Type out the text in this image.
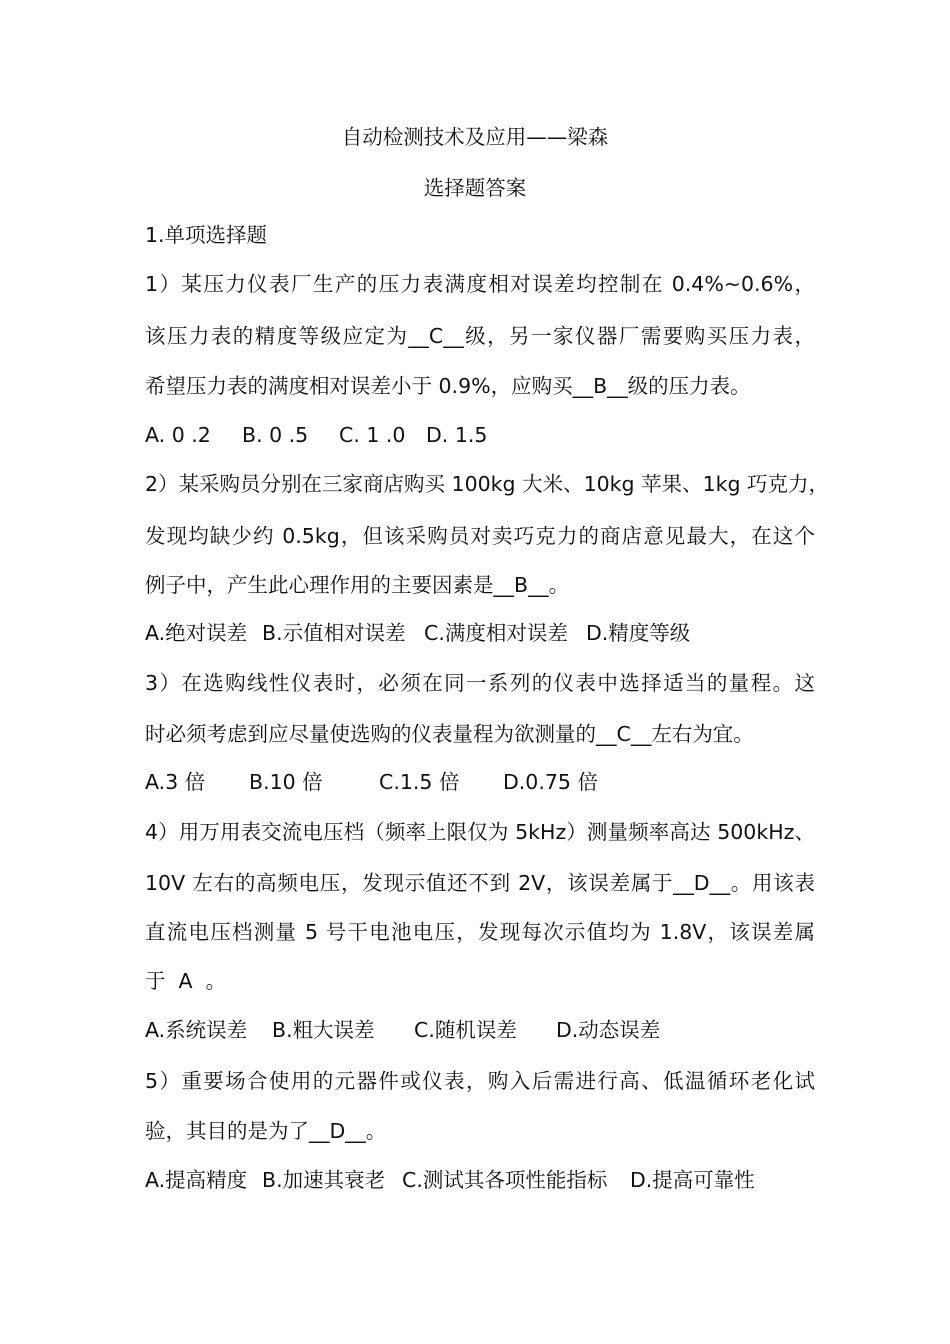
自动检测技术及应用——梁森
选择题答案
1.单项选择题
1）某压力仪表厂生产的压力表满度相对误差均控制在 0.4%~0.6%，
该压力表的精度等级应定为__C__级，另一家仪器厂需要购买压力表，
希望压力表的满度相对误差小于 0.9%，应购买__B__级的压力表。
A. 0 .2 B. 0 .5 C. 1 .0 D. 1.5
2）某采购员分别在三家商店购买 100kg 大米、10kg 苹果、1kg 巧克力，
发现均缺少约 0.5kg，但该采购员对卖巧克力的商店意见最大，在这个
例子中，产生此心理作用的主要因素是__B__。
A.绝对误差 B.示值相对误差 C.满度相对误差 D.精度等级
3）在选购线性仪表时，必须在同一系列的仪表中选择适当的量程。这
时必须考虑到应尽量使选购的仪表量程为欲测量的__C__左右为宜。
A.3 倍 B.10 倍	C.1.5 倍 D.0.75 倍
4）用万用表交流电压档（频率上限仅为 5kHz）测量频率高达 500kHz、
10V 左右的高频电压，发现示值还不到 2V，该误差属于__D__。用该表
直流电压档测量 5 号干电池电压，发现每次示值均为 1.8V，该误差属
于  A  。
A.系统误差 B.粗大误差 C.随机误差 D.动态误差
5）重要场合使用的元器件或仪表，购入后需进行高、低温循环老化试
验，其目的是为了__D__。
A.提高精度 B.加速其衰老 C.测试其各项性能指标 D.提高可靠性
